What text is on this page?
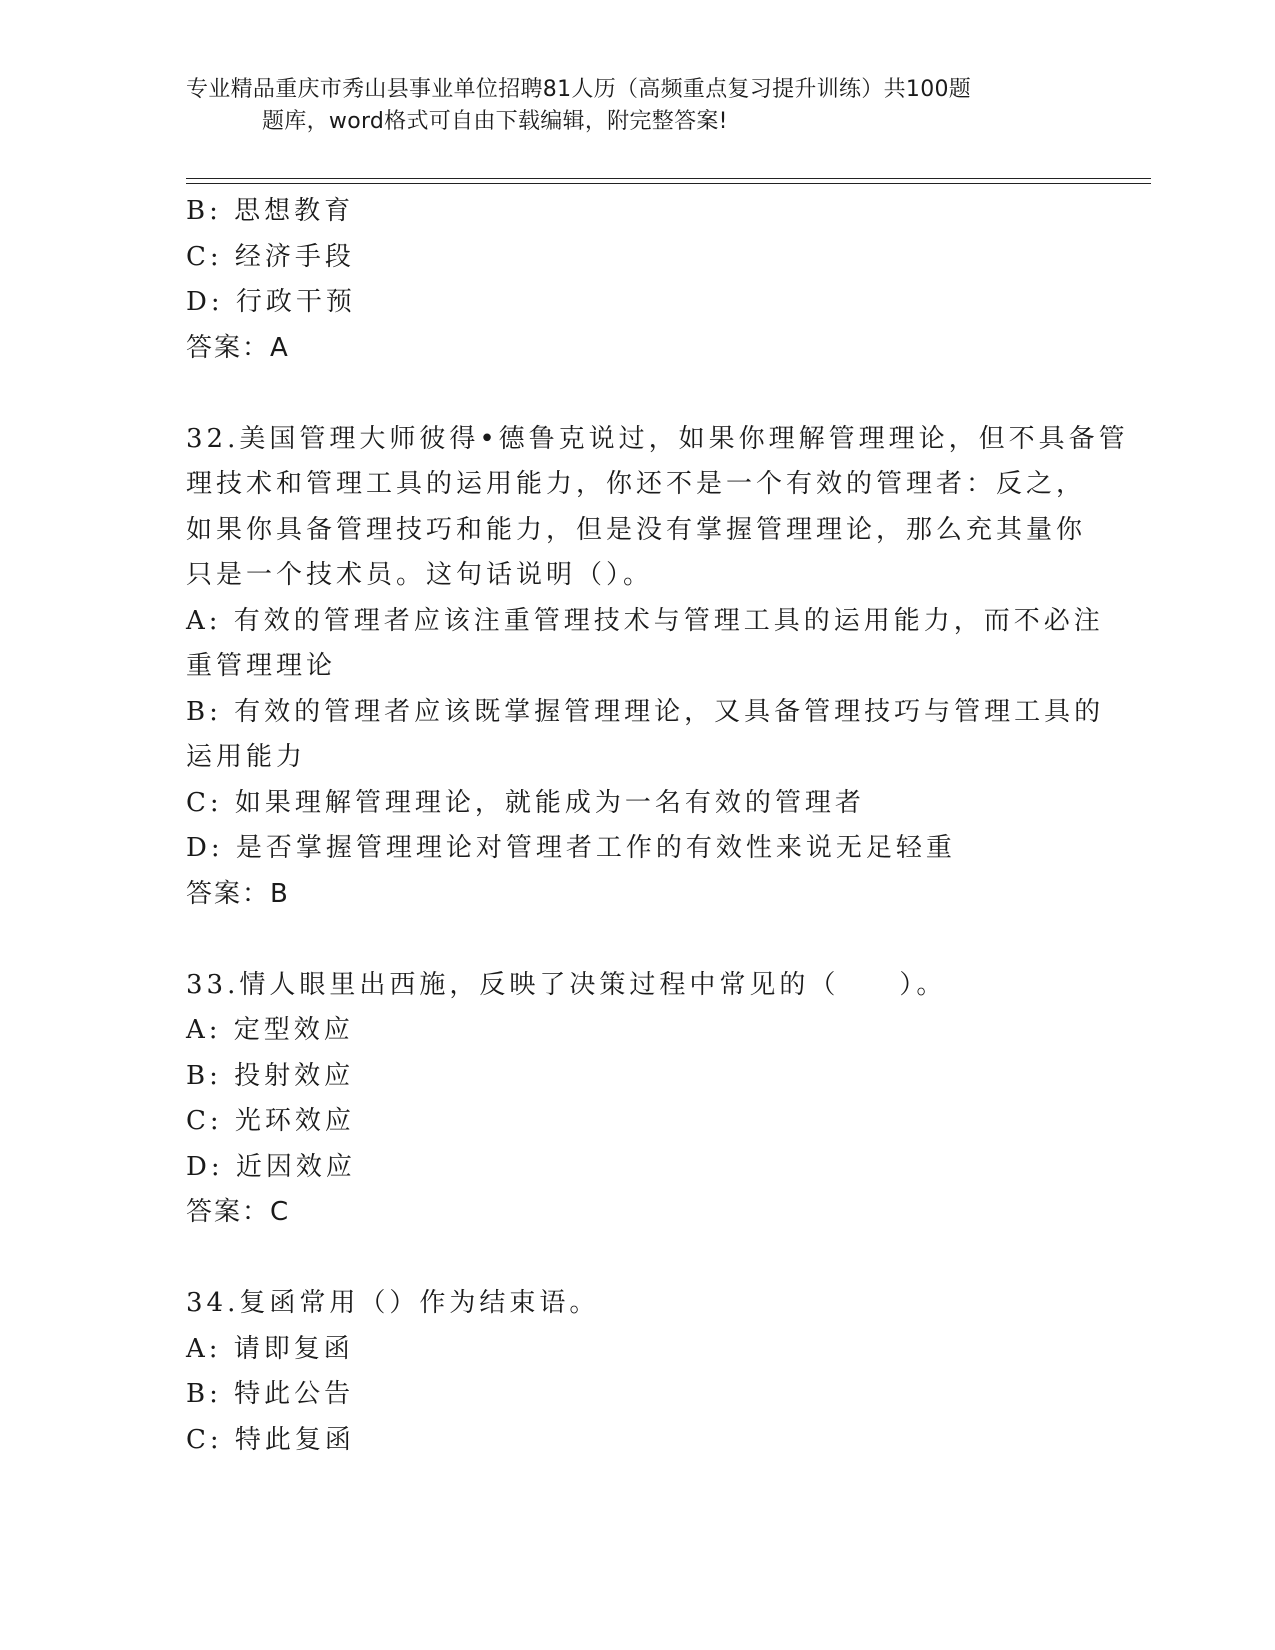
专业精品重庆市秀山县事业单位招聘81人历（高频重点复习提升训练）共100题
题库，word格式可自由下载编辑，附完整答案!
B: 思想教育
C: 经济手段
D: 行政干预
答案：A
32.美国管理大师彼得•德鲁克说过，如果你理解管理理论，但不具备管
理技术和管理工具的运用能力，你还不是一个有效的管理者：反之，
如果你具备管理技巧和能力，但是没有掌握管理理论，那么充其量你
只是一个技术员。这句话说明（）。
A: 有效的管理者应该注重管理技术与管理工具的运用能力，而不必注
重管理理论
B: 有效的管理者应该既掌握管理理论，又具备管理技巧与管理工具的
运用能力
C: 如果理解管理理论，就能成为一名有效的管理者
D: 是否掌握管理理论对管理者工作的有效性来说无足轻重
答案：B
33.情人眼里出西施，反映了决策过程中常见的（　　）。
A: 定型效应
B: 投射效应
C: 光环效应
D: 近因效应
答案：C
34.复函常用（）作为结束语。
A: 请即复函
B: 特此公告
C: 特此复函
